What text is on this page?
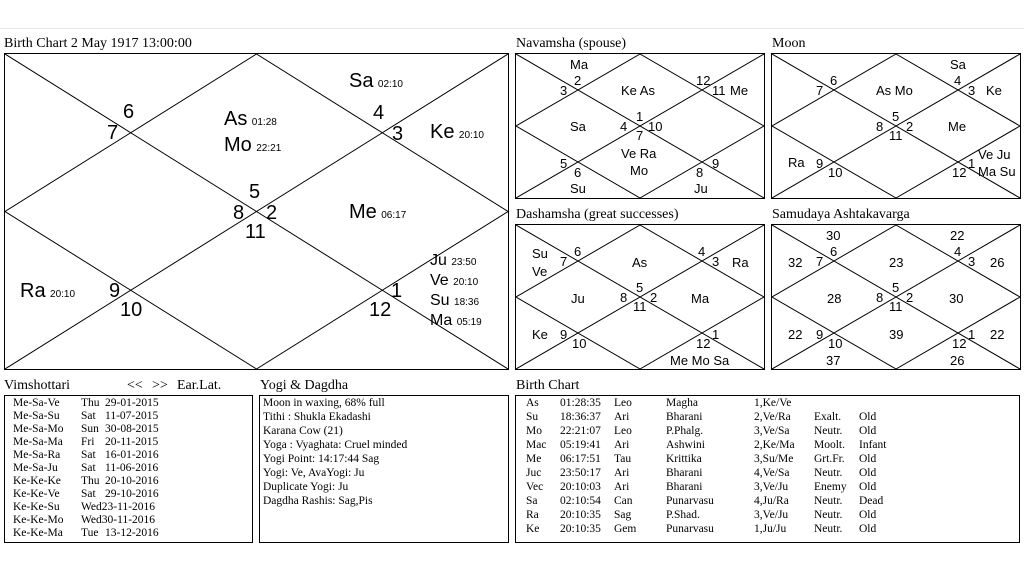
Birth Chart 2 May 1917 13:00:00
6
7
4
3
5
8 2
11
9
10	12
1
Sa 02:10
As 01:28
Mo 22:21
Ke 20:10
Me 06:17
Ra 20:10
Ju 23:50
Ve 20:10
Su 18:36
Ma 05:19
Navamsha (spouse)
2
3
12
11
1
4 10
7
5
6	8
9
Ma
Ke As	Me
Sa
Ve Ra
Mo
Su	Ju
Moon
6
7
4
3
5
8 2
11
9
10	12
1
Sa
As Mo	Ke
Me
Ra
Ve Ju
Ma Su
Dashamsha (great successes)
6
7
4
3
5
8 2
11
9
10	12
1
Su
Ve
As	Ra
Ju	Ma
Ke
Me Mo Sa
Samudaya Ashtakavarga
6
7
4
3
5
8 2
11
9
10	12
1
30	22
32	23	26
28	30
22	39	22
37	26
Vimshottari	<< >> Ear.Lat.
Me-Sa-Ve Thu 29-01-2015
Me-Sa-Su Sat 11-07-2015
Me-Sa-Mo Sun 30-08-2015
Me-Sa-Ma Fri 20-11-2015
Me-Sa-Ra Sat 16-01-2016
Me-Sa-Ju Sat 11-06-2016
Ke-Ke-Ke Thu 20-10-2016
Ke-Ke-Ve Sat 29-10-2016
Ke-Ke-Su Wed23-11-2016
Ke-Ke-Mo Wed30-11-2016
Ke-Ke-Ma Tue 13-12-2016
Yogi & Dagdha
Moon in waxing, 68% full
Tithi : Shukla Ekadashi
Karana Cow (21)
Yoga : Vyaghata: Cruel minded
Yogi Point: 14:17:44 Sag
Yogi: Ve, AvaYogi: Ju
Duplicate Yogi: Ju
Dagdha Rashis: Sag,Pis
Birth Chart
As 01:28:35 Leo	Magha	1,Ke/Ve
Su 18:36:37 Ari	Bharani	2,Ve/Ra Exalt. Old
Mo 22:21:07 Leo	P.Phalg.	3,Ve/Sa Neutr. Old
Mac 05:19:41 Ari	Ashwini	2,Ke/Ma Moolt. Infant
Me 06:17:51 Tau	Krittika	3,Su/Me Grt.Fr. Old
Juc 23:50:17 Ari	Bharani	4,Ve/Sa Neutr. Old
Vec 20:10:03 Ari	Bharani	3,Ve/Ju Enemy Old
Sa 02:10:54 Can	Punarvasu	4,Ju/Ra Neutr. Dead
Ra 20:10:35 Sag	P.Shad.	3,Ve/Ju Neutr. Old
Ke 20:10:35 Gem	Punarvasu	1,Ju/Ju Neutr. Old
